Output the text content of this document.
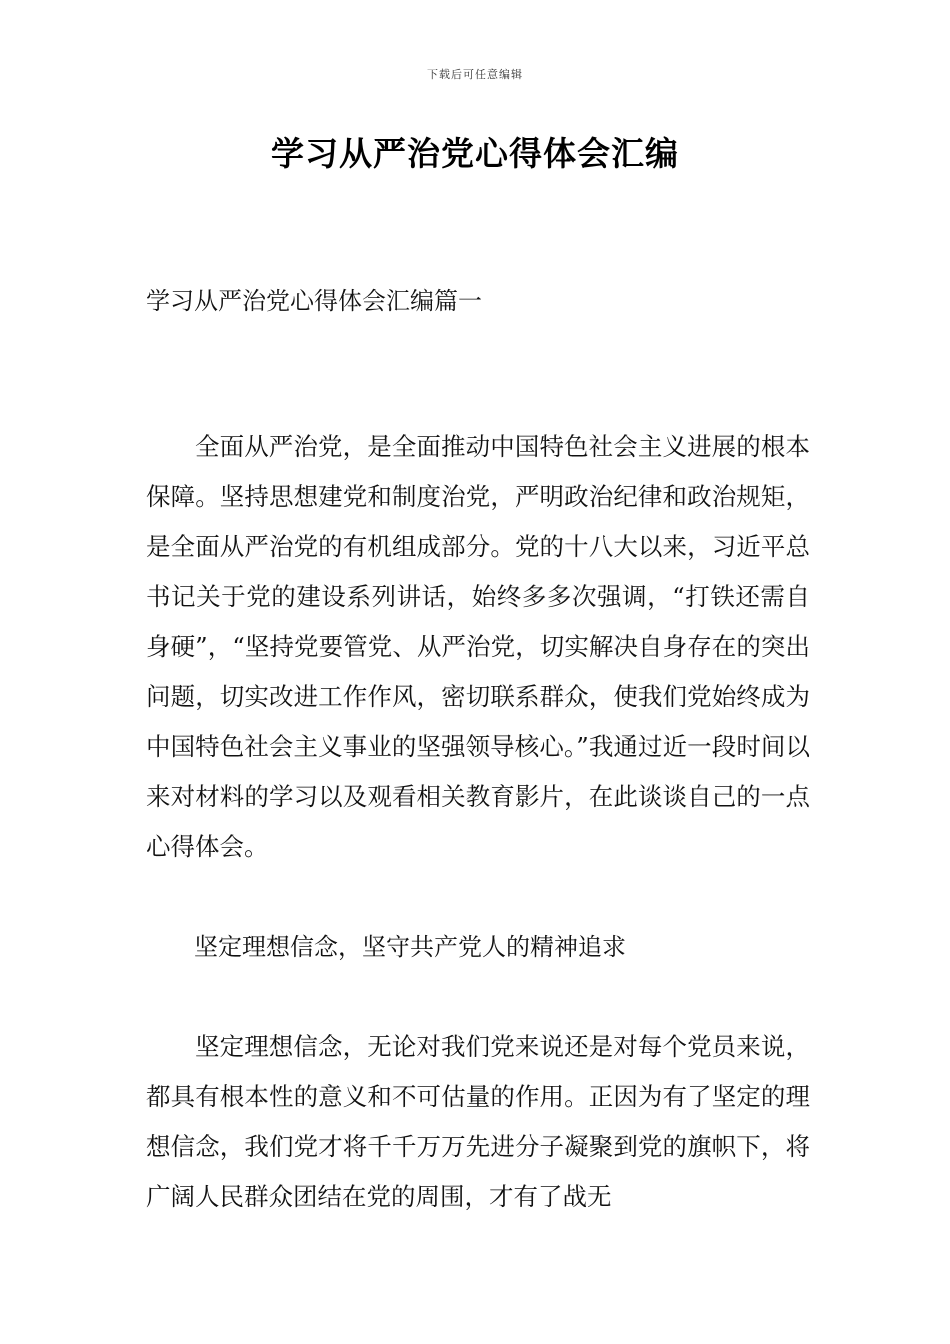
下载后可任意编辑
学习从严治党心得体会汇编

学习从严治党心得体会汇编篇一

全面从严治党，是全面推动中国特色社会主义进展的根本保障。坚持思想建党和制度治党，严明政治纪律和政治规矩，是全面从严治党的有机组成部分。党的十八大以来，习近平总书记关于党的建设系列讲话，始终多多次强调，“打铁还需自身硬”，“坚持党要管党、从严治党，切实解决自身存在的突出问题，切实改进工作作风，密切联系群众，使我们党始终成为中国特色社会主义事业的坚强领导核心。”我通过近一段时间以来对材料的学习以及观看相关教育影片，在此谈谈自己的一点心得体会。

坚定理想信念，坚守共产党人的精神追求

坚定理想信念，无论对我们党来说还是对每个党员来说，都具有根本性的意义和不可估量的作用。正因为有了坚定的理想信念，我们党才将千千万万先进分子凝聚到党的旗帜下，将广阔人民群众团结在党的周围，才有了战无
